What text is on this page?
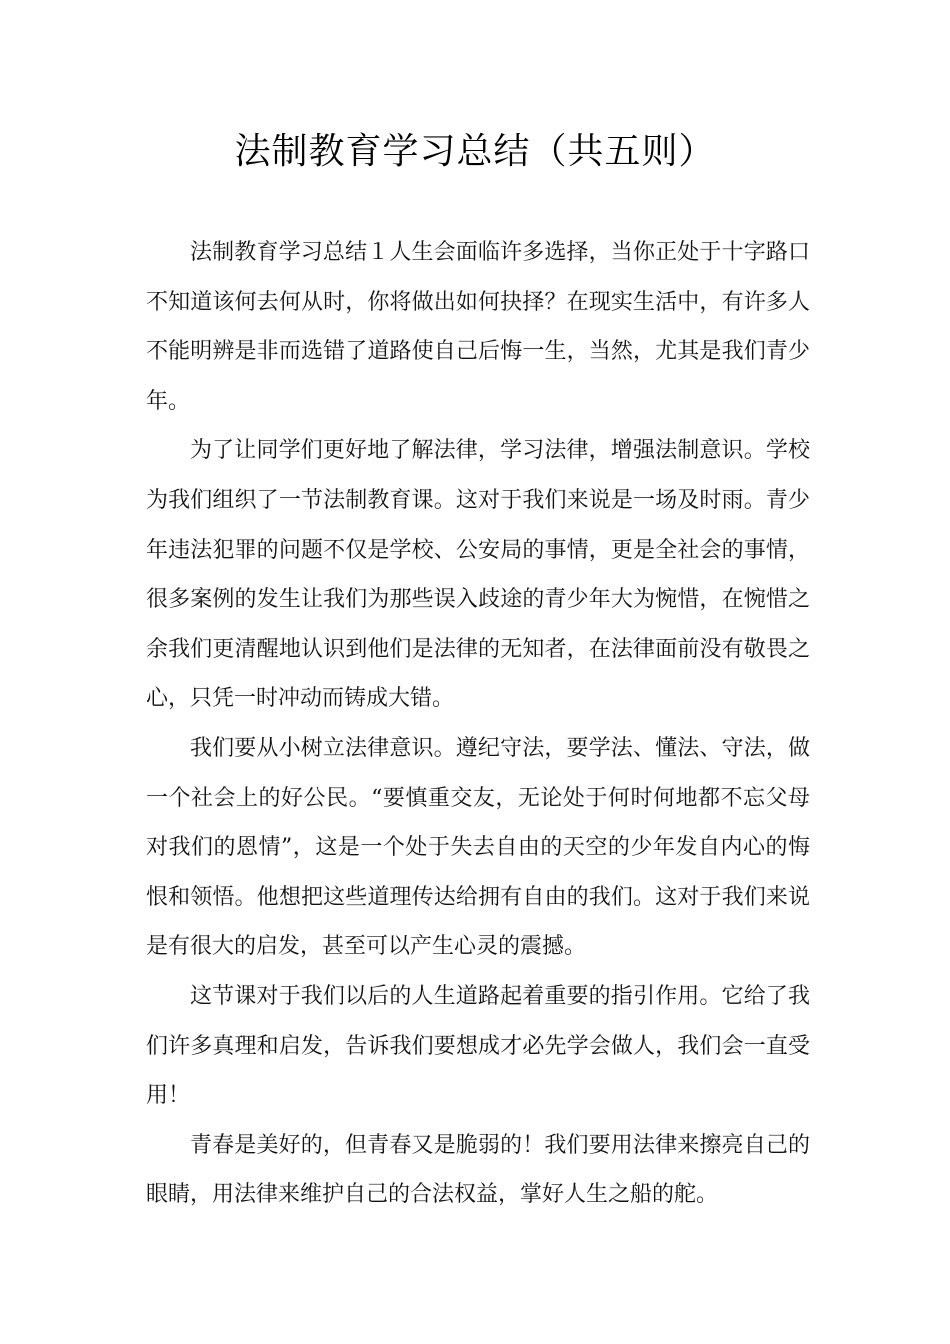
法制教育学习总结（共五则）

法制教育学习总结１人生会面临许多选择，当你正处于十字路口不知道该何去何从时，你将做出如何抉择？在现实生活中，有许多人不能明辨是非而选错了道路使自己后悔一生，当然，尤其是我们青少年。

为了让同学们更好地了解法律，学习法律，增强法制意识。学校为我们组织了一节法制教育课。这对于我们来说是一场及时雨。青少年违法犯罪的问题不仅是学校、公安局的事情，更是全社会的事情，很多案例的发生让我们为那些误入歧途的青少年大为惋惜，在惋惜之余我们更清醒地认识到他们是法律的无知者，在法律面前没有敬畏之心，只凭一时冲动而铸成大错。

我们要从小树立法律意识。遵纪守法，要学法、懂法、守法，做一个社会上的好公民。“要慎重交友，无论处于何时何地都不忘父母对我们的恩情”，这是一个处于失去自由的天空的少年发自内心的悔恨和领悟。他想把这些道理传达给拥有自由的我们。这对于我们来说是有很大的启发，甚至可以产生心灵的震撼。

这节课对于我们以后的人生道路起着重要的指引作用。它给了我们许多真理和启发，告诉我们要想成才必先学会做人，我们会一直受用！

青春是美好的，但青春又是脆弱的！我们要用法律来擦亮自己的眼睛，用法律来维护自己的合法权益，掌好人生之船的舵。
